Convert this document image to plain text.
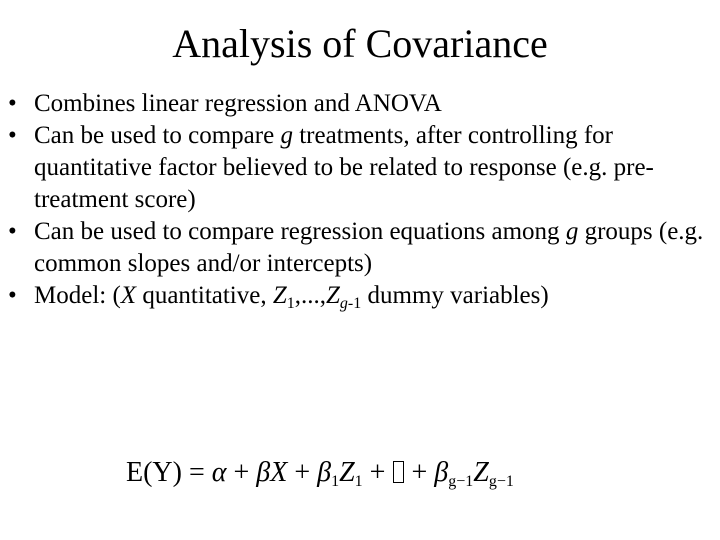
Analysis of Covariance
• Combines linear regression and ANOVA
• Can be used to compare g treatments, after controlling for quantitative factor believed to be related to response (e.g. pre-treatment score)
• Can be used to compare regression equations among g groups (e.g. common slopes and/or intercepts)
• Model: (X quantitative, $Z_1,...,Z_{g-1}$ dummy variables)
$E(Y) = \alpha + \beta X + \beta_1Z_1$ +  + $\beta_{g-1}Z_{g-1}$
